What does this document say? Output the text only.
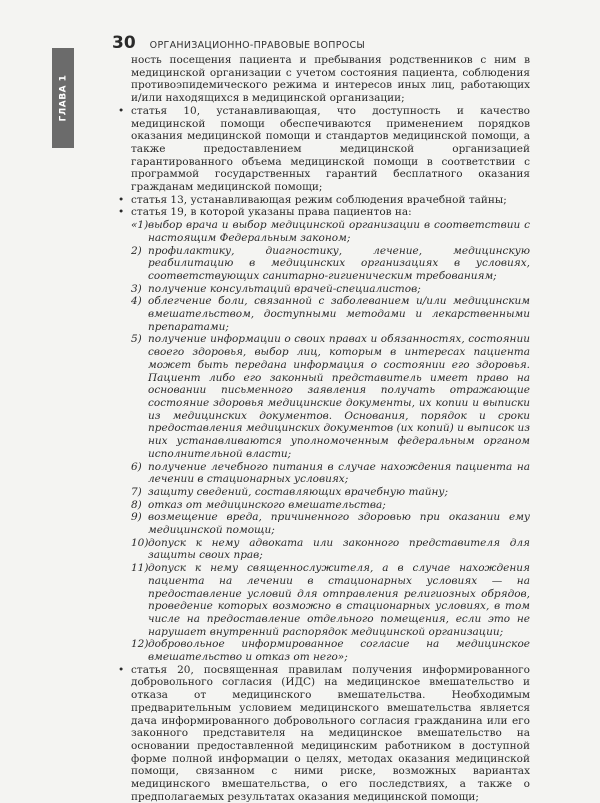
ГЛАВА 1
30 ОРГАНИЗАЦИОННО-ПРАВОВЫЕ ВОПРОСЫ

ность посещения пациента и пребывания родственников с ним в медицинской организации с учетом состояния пациента, соблюдения противоэпидемического режима и интересов иных лиц, работающих и/или находящихся в медицинской организации;

• статья 10, устанавливающая, что доступность и качество медицинской помощи обеспечиваются применением порядков оказания медицинской помощи и стандартов медицинской помощи, а также предоставлением медицинской организацией гарантированного объема медицинской помощи в соответствии с программой государственных гарантий бесплатного оказания гражданам медицинской помощи;

• статья 13, устанавливающая режим соблюдения врачебной тайны;

• статья 19, в которой указаны права пациентов на:

«1) выбор врача и выбор медицинской организации в соответствии с настоящим Федеральным законом;
2) профилактику, диагностику, лечение, медицинскую реабилитацию в медицинских организациях в условиях, соответствующих санитарно-гигиеническим требованиям;
3) получение консультаций врачей-специалистов;
4) облегчение боли, связанной с заболеванием и/или медицинским вмешательством, доступными методами и лекарственными препаратами;
5) получение информации о своих правах и обязанностях, состоянии своего здоровья, выбор лиц, которым в интересах пациента может быть передана информация о состоянии его здоровья. Пациент либо его законный представитель имеет право на основании письменного заявления получать отражающие состояние здоровья медицинские документы, их копии и выписки из медицинских документов. Основания, порядок и сроки предоставления медицинских документов (их копий) и выписок из них устанавливаются уполномоченным федеральным органом исполнительной власти;
6) получение лечебного питания в случае нахождения пациента на лечении в стационарных условиях;
7) защиту сведений, составляющих врачебную тайну;
8) отказ от медицинского вмешательства;
9) возмещение вреда, причиненного здоровью при оказании ему медицинской помощи;
10) допуск к нему адвоката или законного представителя для защиты своих прав;
11) допуск к нему священнослужителя, а в случае нахождения пациента на лечении в стационарных условиях — на предоставление условий для отправления религиозных обрядов, проведение которых возможно в стационарных условиях, в том числе на предоставление отдельного помещения, если это не нарушает внутренний распорядок медицинской организации;
12) добровольное информированное согласие на медицинское вмешательство и отказ от него»;

• статья 20, посвященная правилам получения информированного добровольного согласия (ИДС) на медицинское вмешательство и отказа от медицинского вмешательства. Необходимым предварительным условием медицинского вмешательства является дача информированного добровольного согласия гражданина или его законного представителя на медицинское вмешательство на основании предоставленной медицинским работником в доступной форме полной информации о целях, методах оказания медицинской помощи, связанном с ними риске, возможных вариантах медицинского вмешательства, о его последствиях, а также о предполагаемых результатах оказания медицинской помощи;
